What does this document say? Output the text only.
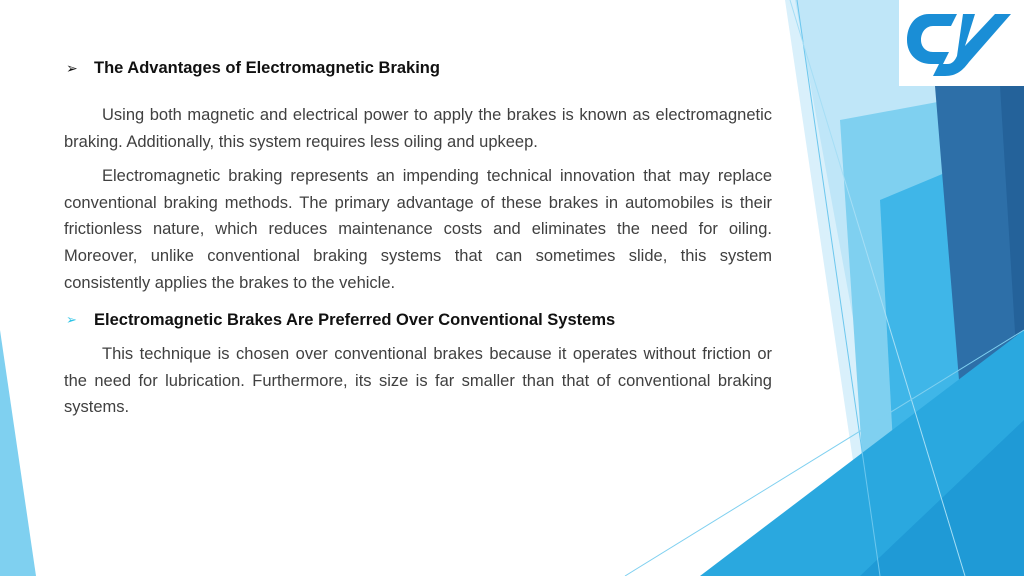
➢ The Advantages of Electromagnetic Braking

Using both magnetic and electrical power to apply the brakes is known as electromagnetic braking. Additionally, this system requires less oiling and upkeep.

Electromagnetic braking represents an impending technical innovation that may replace conventional braking methods. The primary advantage of these brakes in automobiles is their frictionless nature, which reduces maintenance costs and eliminates the need for oiling. Moreover, unlike conventional braking systems that can sometimes slide, this system consistently applies the brakes to the vehicle.

➢ Electromagnetic Brakes Are Preferred Over Conventional Systems

This technique is chosen over conventional brakes because it operates without friction or the need for lubrication. Furthermore, its size is far smaller than that of conventional braking systems.
